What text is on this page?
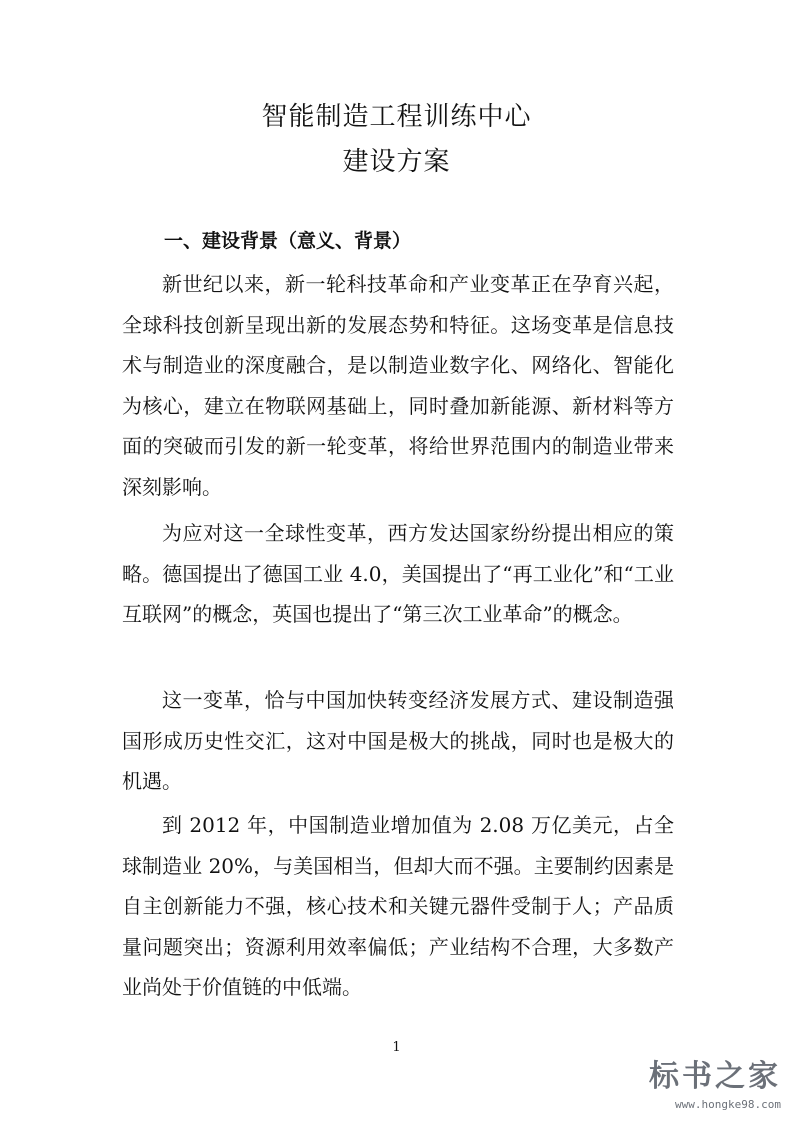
智能制造工程训练中心
建设方案
一、建设背景（意义、背景）

新世纪以来，新一轮科技革命和产业变革正在孕育兴起，全球科技创新呈现出新的发展态势和特征。这场变革是信息技术与制造业的深度融合，是以制造业数字化、网络化、智能化为核心，建立在物联网基础上，同时叠加新能源、新材料等方面的突破而引发的新一轮变革，将给世界范围内的制造业带来深刻影响。

为应对这一全球性变革，西方发达国家纷纷提出相应的策略。德国提出了德国工业 4.0，美国提出了“再工业化”和“工业互联网”的概念，英国也提出了“第三次工业革命”的概念。

这一变革，恰与中国加快转变经济发展方式、建设制造强国形成历史性交汇，这对中国是极大的挑战，同时也是极大的机遇。

到 2012 年，中国制造业增加值为 2.08 万亿美元，占全球制造业 20%，与美国相当，但却大而不强。主要制约因素是自主创新能力不强，核心技术和关键元器件受制于人；产品质量问题突出；资源利用效率偏低；产业结构不合理，大多数产业尚处于价值链的中低端。

1
标书之家
www.hongke98.com
